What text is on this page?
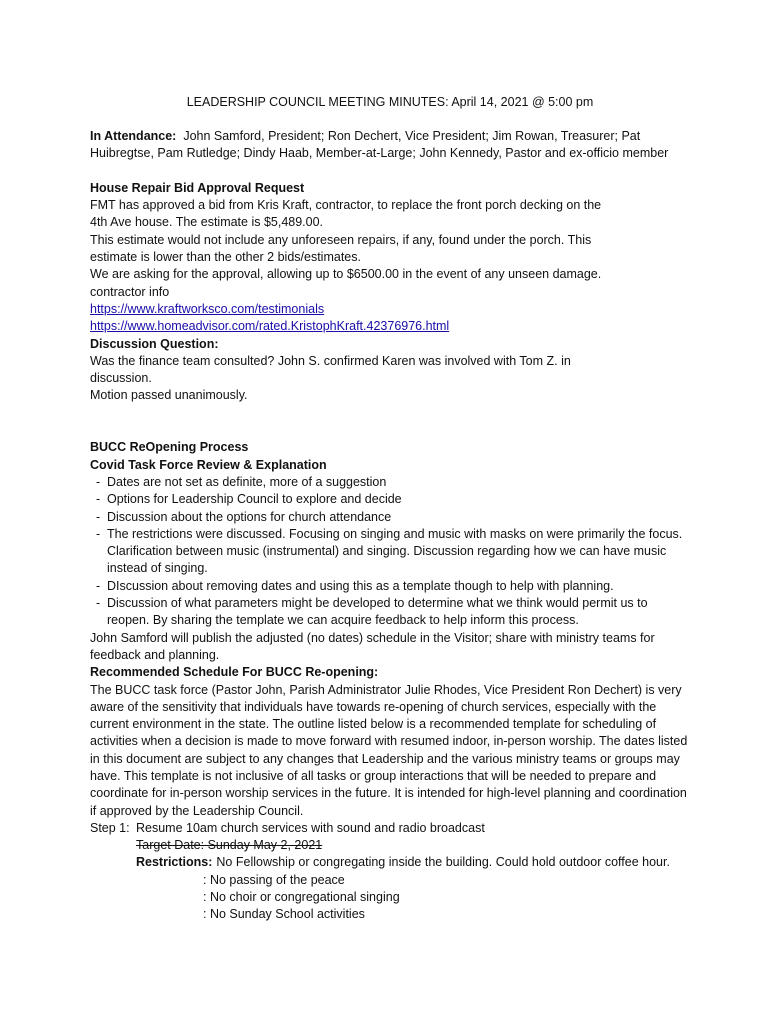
LEADERSHIP COUNCIL MEETING MINUTES: April 14, 2021 @ 5:00 pm

In Attendance: John Samford, President; Ron Dechert, Vice President; Jim Rowan, Treasurer; Pat

Huibregtse, Pam Rutledge; Dindy Haab, Member-at-Large; John Kennedy, Pastor and ex-officio member

House Repair Bid Approval Request

FMT has approved a bid from Kris Kraft, contractor, to replace the front porch decking on the

4th Ave house. The estimate is $5,489.00.

This estimate would not include any unforeseen repairs, if any, found under the porch. This

estimate is lower than the other 2 bids/estimates.

We are asking for the approval, allowing up to $6500.00 in the event of any unseen damage.

contractor info

https://www.kraftworksco.com/testimonials

https://www.homeadvisor.com/rated.KristophKraft.42376976.html

Discussion Question:

Was the finance team consulted? John S. confirmed Karen was involved with Tom Z. in

discussion.

Motion passed unanimously.

BUCC ReOpening Process

Covid Task Force Review & Explanation

- Dates are not set as definite, more of a suggestion
- Options for Leadership Council to explore and decide
- Discussion about the options for church attendance
- The restrictions were discussed. Focusing on singing and music with masks on were primarily the focus. Clarification between music (instrumental) and singing. Discussion regarding how we can have music instead of singing.
- DIscussion about removing dates and using this as a template though to help with planning.
- Discussion of what parameters might be developed to determine what we think would permit us to reopen. By sharing the template we can acquire feedback to help inform this process.

John Samford will publish the adjusted (no dates) schedule in the Visitor; share with ministry teams for feedback and planning.

Recommended Schedule For BUCC Re-opening:

The BUCC task force (Pastor John, Parish Administrator Julie Rhodes, Vice President Ron Dechert) is very aware of the sensitivity that individuals have towards re-opening of church services, especially with the current environment in the state. The outline listed below is a recommended template for scheduling of activities when a decision is made to move forward with resumed indoor, in-person worship. The dates listed in this document are subject to any changes that Leadership and the various ministry teams or groups may have. This template is not inclusive of all tasks or group interactions that will be needed to prepare and coordinate for in-person worship services in the future. It is intended for high-level planning and coordination if approved by the Leadership Council.

Step 1: Resume 10am church services with sound and radio broadcast

Target Date: Sunday May 2, 2021

Restrictions: No Fellowship or congregating inside the building. Could hold outdoor coffee hour.

: No passing of the peace

: No choir or congregational singing

: No Sunday School activities
